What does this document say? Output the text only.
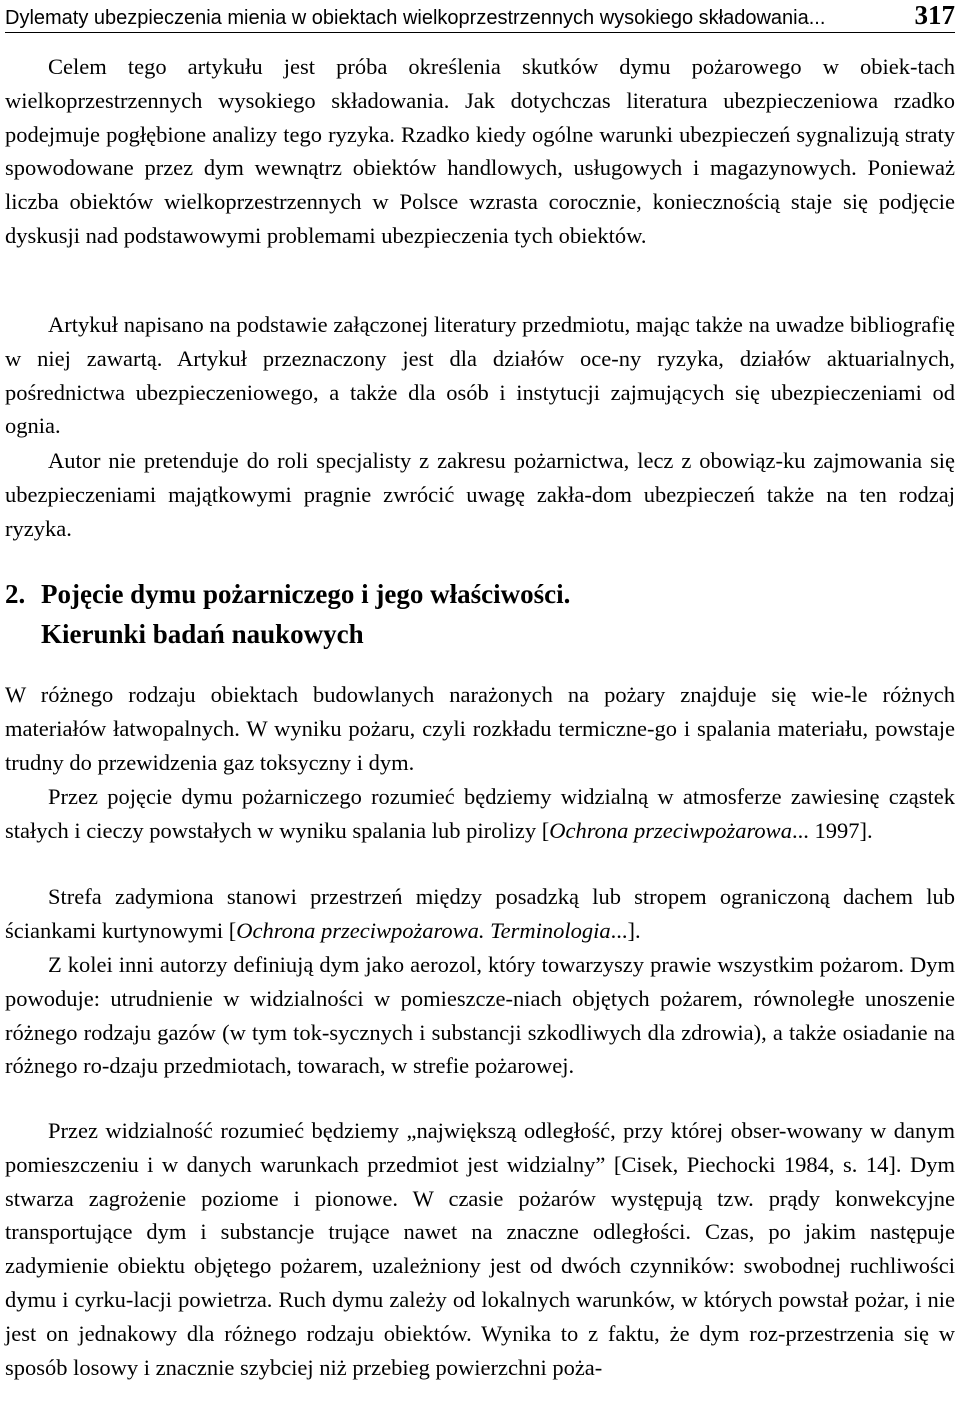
Dylematy ubezpieczenia mienia w obiektach wielkoprzestrzennych wysokiego składowania...	317

Celem tego artykułu jest próba określenia skutków dymu pożarowego w obiek-tach wielkoprzestrzennych wysokiego składowania. Jak dotychczas literatura ubezpieczeniowa rzadko podejmuje pogłębione analizy tego ryzyka. Rzadko kiedy ogólne warunki ubezpieczeń sygnalizują straty spowodowane przez dym wewnątrz obiektów handlowych, usługowych i magazynowych. Ponieważ liczba obiektów wielkoprzestrzennych w Polsce wzrasta corocznie, koniecznością staje się podjęcie dyskusji nad podstawowymi problemami ubezpieczenia tych obiektów.

Artykuł napisano na podstawie załączonej literatury przedmiotu, mając także na uwadze bibliografię w niej zawartą. Artykuł przeznaczony jest dla działów oce-ny ryzyka, działów aktuarialnych, pośrednictwa ubezpieczeniowego, a także dla osób i instytucji zajmujących się ubezpieczeniami od ognia.

Autor nie pretenduje do roli specjalisty z zakresu pożarnictwa, lecz z obowiąz-ku zajmowania się ubezpieczeniami majątkowymi pragnie zwrócić uwagę zakła-dom ubezpieczeń także na ten rodzaj ryzyka.

2. Pojęcie dymu pożarniczego i jego właściwości.
Kierunki badań naukowych

W różnego rodzaju obiektach budowlanych narażonych na pożary znajduje się wie-le różnych materiałów łatwopalnych. W wyniku pożaru, czyli rozkładu termiczne-go i spalania materiału, powstaje trudny do przewidzenia gaz toksyczny i dym.

Przez pojęcie dymu pożarniczego rozumieć będziemy widzialną w atmosferze zawiesinę cząstek stałych i cieczy powstałych w wyniku spalania lub pirolizy [Ochrona przeciwpożarowa... 1997].

Strefa zadymiona stanowi przestrzeń między posadzką lub stropem ograniczoną dachem lub ściankami kurtynowymi [Ochrona przeciwpożarowa. Terminologia...].

Z kolei inni autorzy definiują dym jako aerozol, który towarzyszy prawie wszystkim pożarom. Dym powoduje: utrudnienie w widzialności w pomieszcze-niach objętych pożarem, równoległe unoszenie różnego rodzaju gazów (w tym tok-sycznych i substancji szkodliwych dla zdrowia), a także osiadanie na różnego ro-dzaju przedmiotach, towarach, w strefie pożarowej.

Przez widzialność rozumieć będziemy „największą odległość, przy której obser-wowany w danym pomieszczeniu i w danych warunkach przedmiot jest widzialny” [Cisek, Piechocki 1984, s. 14]. Dym stwarza zagrożenie poziome i pionowe. W czasie pożarów występują tzw. prądy konwekcyjne transportujące dym i substancje trujące nawet na znaczne odległości. Czas, po jakim następuje zadymienie obiektu objętego pożarem, uzależniony jest od dwóch czynników: swobodnej ruchliwości dymu i cyrku-lacji powietrza. Ruch dymu zależy od lokalnych warunków, w których powstał pożar, i nie jest on jednakowy dla różnego rodzaju obiektów. Wynika to z faktu, że dym roz-przestrzenia się w sposób losowy i znacznie szybciej niż przebieg powierzchni poża-
